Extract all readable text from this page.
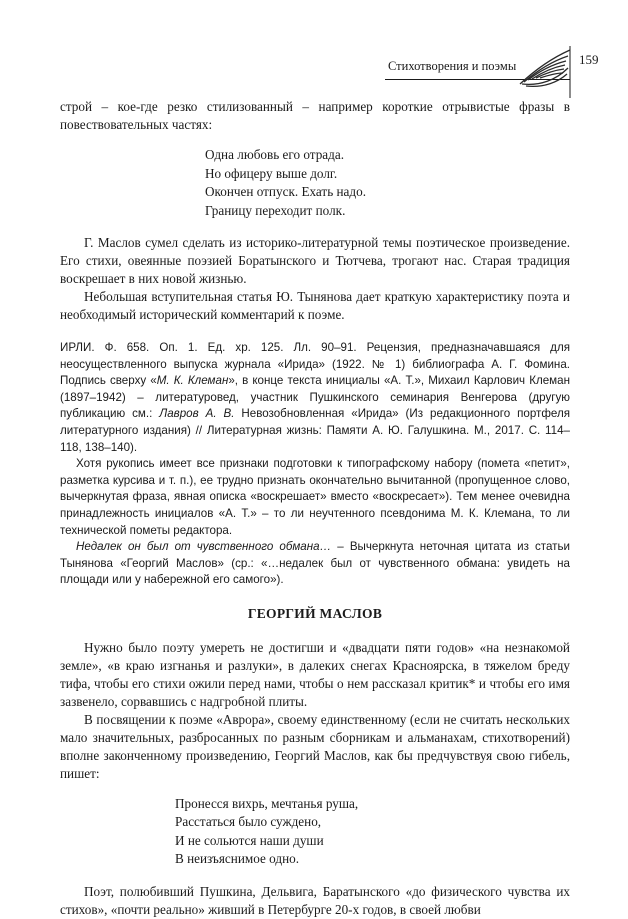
Стихотворения и поэмы	159

строй – кое-где резко стилизованный – например короткие отрывистые фразы в повествовательных частях:

Одна любовь его отрада.
Но офицеру выше долг.
Окончен отпуск. Ехать надо.
Границу переходит полк.

Г. Маслов сумел сделать из историко-литературной темы поэтическое произведение. Его стихи, овеянные поэзией Боратынского и Тютчева, трогают нас. Старая традиция воскрешает в них новой жизнью.

Небольшая вступительная статья Ю. Тынянова дает краткую характеристику поэта и необходимый исторический комментарий к поэме.

ИРЛИ. Ф. 658. Оп. 1. Ед. хр. 125. Лл. 90–91. Рецензия, предназначавшаяся для неосуществленного выпуска журнала «Ирида» (1922. № 1) библиографа А. Г. Фомина. Подпись сверху «М. К. Клеман», в конце текста инициалы «А. Т.», Михаил Карлович Клеман (1897–1942) – литературовед, участник Пушкинского семинария Венгерова (другую публикацию см.: Лавров А. В. Невозобновленная «Ирида» (Из редакционного портфеля литературного издания) // Литературная жизнь: Памяти А. Ю. Галушкина. М., 2017. С. 114–118, 138–140).

Хотя рукопись имеет все признаки подготовки к типографскому набору (помета «петит», разметка курсива и т. п.), ее трудно признать окончательно вычитанной (пропущенное слово, вычеркнутая фраза, явная описка «воскрешает» вместо «воскресает»). Тем менее очевидна принадлежность инициалов «А. Т.» – то ли неучтенного псевдонима М. К. Клемана, то ли технической пометы редактора.

Недалек он был от чувственного обмана… – Вычеркнута неточная цитата из статьи Тынянова «Георгий Маслов» (ср.: «…недалек был от чувственного обмана: увидеть на площади или у набережной его самого»).

ГЕОРГИЙ МАСЛОВ

Нужно было поэту умереть не достигши и «двадцати пяти годов» «на незнакомой земле», «в краю изгнанья и разлуки», в далеких снегах Красноярска, в тяжелом бреду тифа, чтобы его стихи ожили перед нами, чтобы о нем рассказал критик* и чтобы его имя зазвенело, сорвавшись с надгробной плиты.

В посвящении к поэме «Аврора», своему единственному (если не считать нескольких мало значительных, разбросанных по разным сборникам и альманахам, стихотворений) вполне законченному произведению, Георгий Маслов, как бы предчувствуя свою гибель, пишет:

Пронесся вихрь, мечтанья руша,
Расстаться было суждено,
И не сольются наши души
В неизъяснимое одно.

Поэт, полюбивший Пушкина, Дельвига, Баратынского «до физического чувства их стихов», «почти реально» живший в Петербурге 20-х годов, в своей любви
